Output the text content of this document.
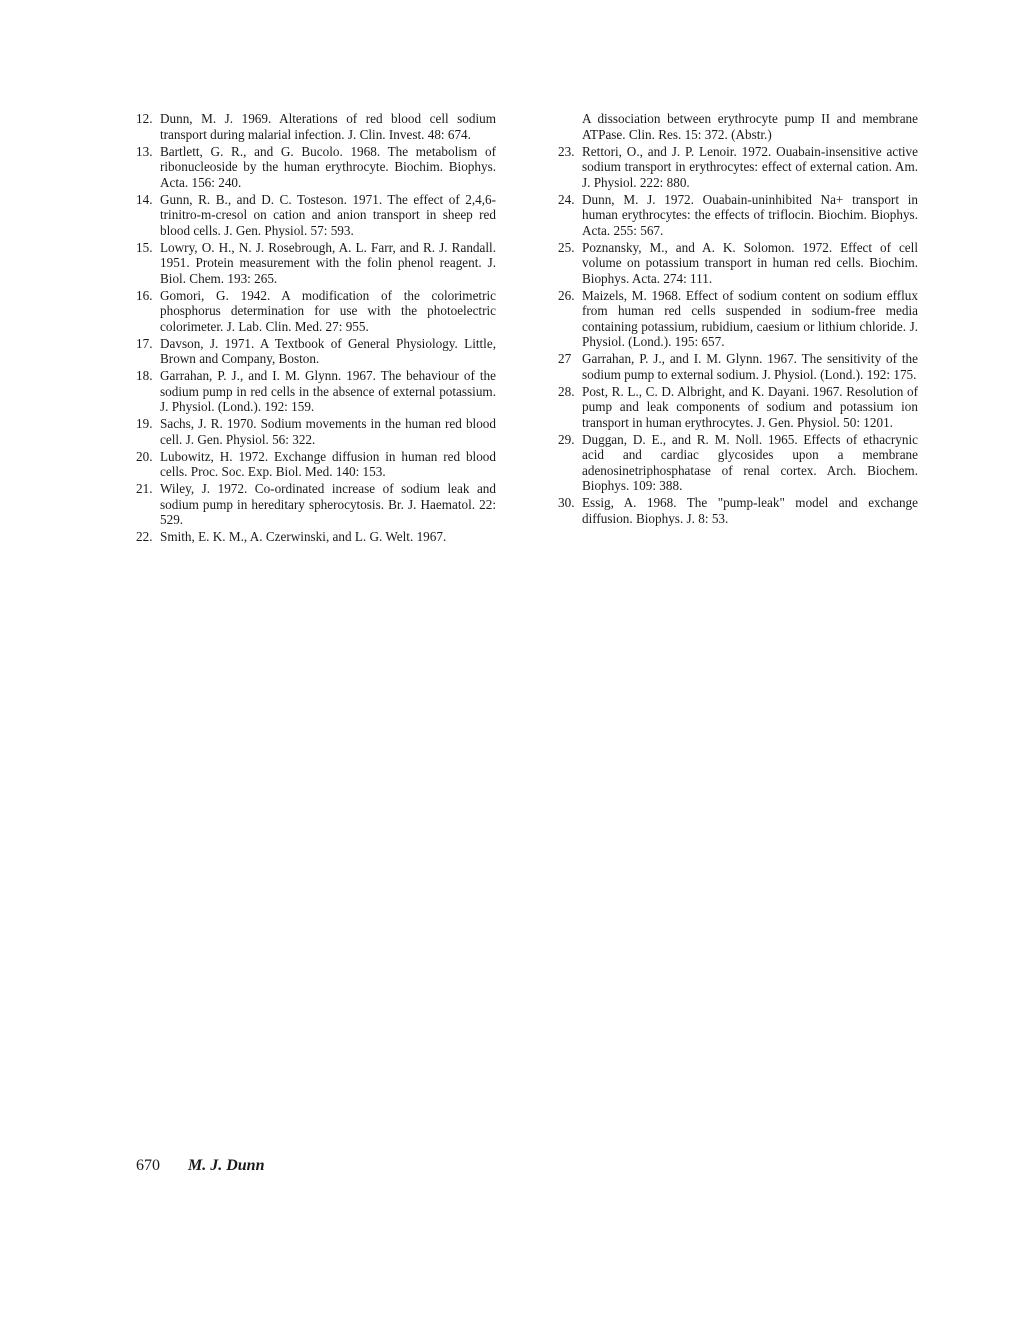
12. Dunn, M. J. 1969. Alterations of red blood cell sodium transport during malarial infection. J. Clin. Invest. 48: 674.
13. Bartlett, G. R., and G. Bucolo. 1968. The metabolism of ribonucleoside by the human erythrocyte. Biochim. Biophys. Acta. 156: 240.
14. Gunn, R. B., and D. C. Tosteson. 1971. The effect of 2,4,6-trinitro-m-cresol on cation and anion transport in sheep red blood cells. J. Gen. Physiol. 57: 593.
15. Lowry, O. H., N. J. Rosebrough, A. L. Farr, and R. J. Randall. 1951. Protein measurement with the folin phenol reagent. J. Biol. Chem. 193: 265.
16. Gomori, G. 1942. A modification of the colorimetric phosphorus determination for use with the photoelectric colorimeter. J. Lab. Clin. Med. 27: 955.
17. Davson, J. 1971. A Textbook of General Physiology. Little, Brown and Company, Boston.
18. Garrahan, P. J., and I. M. Glynn. 1967. The behaviour of the sodium pump in red cells in the absence of external potassium. J. Physiol. (Lond.). 192: 159.
19. Sachs, J. R. 1970. Sodium movements in the human red blood cell. J. Gen. Physiol. 56: 322.
20. Lubowitz, H. 1972. Exchange diffusion in human red blood cells. Proc. Soc. Exp. Biol. Med. 140: 153.
21. Wiley, J. 1972. Co-ordinated increase of sodium leak and sodium pump in hereditary spherocytosis. Br. J. Haematol. 22: 529.
22. Smith, E. K. M., A. Czerwinski, and L. G. Welt. 1967.
A dissociation between erythrocyte pump II and membrane ATPase. Clin. Res. 15: 372. (Abstr.)
23. Rettori, O., and J. P. Lenoir. 1972. Ouabain-insensitive active sodium transport in erythrocytes: effect of external cation. Am. J. Physiol. 222: 880.
24. Dunn, M. J. 1972. Ouabain-uninhibited Na+ transport in human erythrocytes: the effects of triflocin. Biochim. Biophys. Acta. 255: 567.
25. Poznansky, M., and A. K. Solomon. 1972. Effect of cell volume on potassium transport in human red cells. Biochim. Biophys. Acta. 274: 111.
26. Maizels, M. 1968. Effect of sodium content on sodium efflux from human red cells suspended in sodium-free media containing potassium, rubidium, caesium or lithium chloride. J. Physiol. (Lond.). 195: 657.
27 Garrahan, P. J., and I. M. Glynn. 1967. The sensitivity of the sodium pump to external sodium. J. Physiol. (Lond.). 192: 175.
28. Post, R. L., C. D. Albright, and K. Dayani. 1967. Resolution of pump and leak components of sodium and potassium ion transport in human erythrocytes. J. Gen. Physiol. 50: 1201.
29. Duggan, D. E., and R. M. Noll. 1965. Effects of ethacrynic acid and cardiac glycosides upon a membrane adenosinetriphosphatase of renal cortex. Arch. Biochem. Biophys. 109: 388.
30. Essig, A. 1968. The "pump-leak" model and exchange diffusion. Biophys. J. 8: 53.
670 M. J. Dunn
